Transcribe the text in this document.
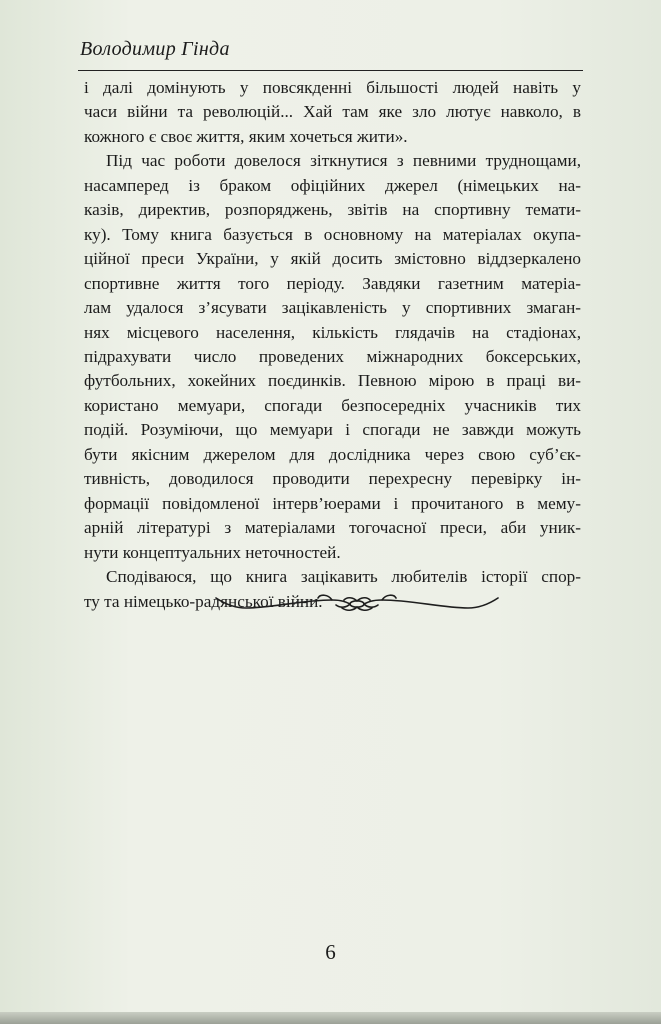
Володимир Гінда

і далі домінують у повсякденні більшості людей навіть у
часи війни та революцій... Хай там яке зло лютує навколо, в
кожного є своє життя, яким хочеться жити».

Під час роботи довелося зіткнутися з певними труднощами,
насамперед із браком офіційних джерел (німецьких на-
казів, директив, розпоряджень, звітів на спортивну темати-
ку). Тому книга базується в основному на матеріалах окупа-
ційної преси України, у якій досить змістовно віддзеркалено
спортивне життя того періоду. Завдяки газетним матеріа-
лам удалося з’ясувати зацікавленість у спортивних змаган-
нях місцевого населення, кількість глядачів на стадіонах,
підрахувати число проведених міжнародних боксерських,
футбольних, хокейних поєдинків. Певною мірою в праці ви-
користано мемуари, спогади безпосередніх учасників тих
подій. Розуміючи, що мемуари і спогади не завжди можуть
бути якісним джерелом для дослідника через свою суб’єк-
тивність, доводилося проводити перехресну перевірку ін-
формації повідомленої інтерв’юерами і прочитаного в мему-
арній літературі з матеріалами тогочасної преси, аби уник-
нути концептуальних неточностей.

Сподіваюся, що книга зацікавить любителів історії спор-
ту та німецько-радянської війни.

6
